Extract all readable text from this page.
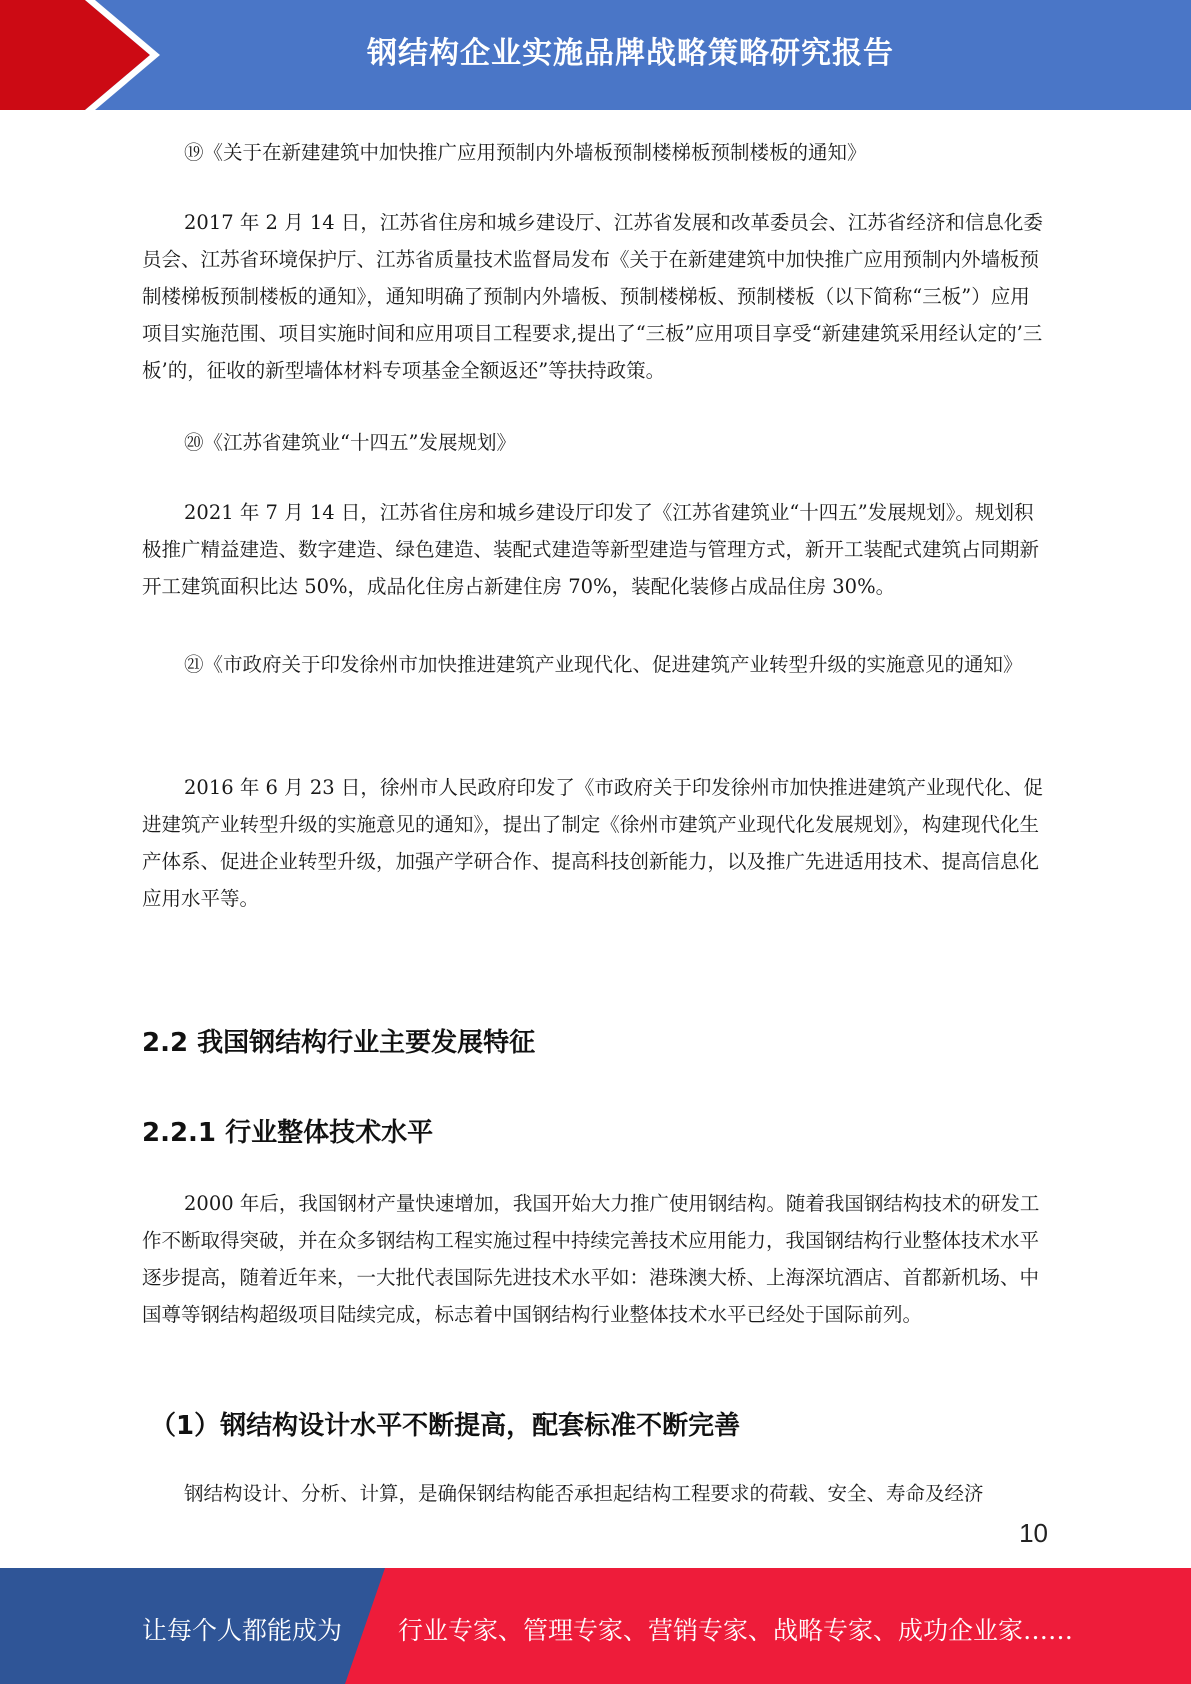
钢结构企业实施品牌战略策略研究报告

⑲《关于在新建建筑中加快推广应用预制内外墙板预制楼梯板预制楼板的通知》

2017 年 2 月 14 日，江苏省住房和城乡建设厅、江苏省发展和改革委员会、江苏省经济和信息化委员会、江苏省环境保护厅、江苏省质量技术监督局发布《关于在新建建筑中加快推广应用预制内外墙板预制楼梯板预制楼板的通知》，通知明确了预制内外墙板、预制楼梯板、预制楼板（以下简称“三板”）应用项目实施范围、项目实施时间和应用项目工程要求,提出了“三板”应用项目享受“新建建筑采用经认定的’三板’的，征收的新型墙体材料专项基金全额返还”等扶持政策。

⑳《江苏省建筑业“十四五”发展规划》

2021 年 7 月 14 日，江苏省住房和城乡建设厅印发了《江苏省建筑业“十四五”发展规划》。规划积极推广精益建造、数字建造、绿色建造、装配式建造等新型建造与管理方式，新开工装配式建筑占同期新开工建筑面积比达 50%，成品化住房占新建住房 70%，装配化装修占成品住房 30%。

㉑《市政府关于印发徐州市加快推进建筑产业现代化、促进建筑产业转型升级的实施意见的通知》

2016 年 6 月 23 日，徐州市人民政府印发了《市政府关于印发徐州市加快推进建筑产业现代化、促进建筑产业转型升级的实施意见的通知》，提出了制定《徐州市建筑产业现代化发展规划》，构建现代化生产体系、促进企业转型升级，加强产学研合作、提高科技创新能力，以及推广先进适用技术、提高信息化应用水平等。

2.2 我国钢结构行业主要发展特征
2.2.1 行业整体技术水平

2000 年后，我国钢材产量快速增加，我国开始大力推广使用钢结构。随着我国钢结构技术的研发工作不断取得突破，并在众多钢结构工程实施过程中持续完善技术应用能力，我国钢结构行业整体技术水平逐步提高，随着近年来，一大批代表国际先进技术水平如：港珠澳大桥、上海深坑酒店、首都新机场、中国尊等钢结构超级项目陆续完成，标志着中国钢结构行业整体技术水平已经处于国际前列。

（1）钢结构设计水平不断提高，配套标准不断完善

钢结构设计、分析、计算，是确保钢结构能否承担起结构工程要求的荷载、安全、寿命及经济

10
让每个人都能成为 行业专家、管理专家、营销专家、战略专家、成功企业家……
